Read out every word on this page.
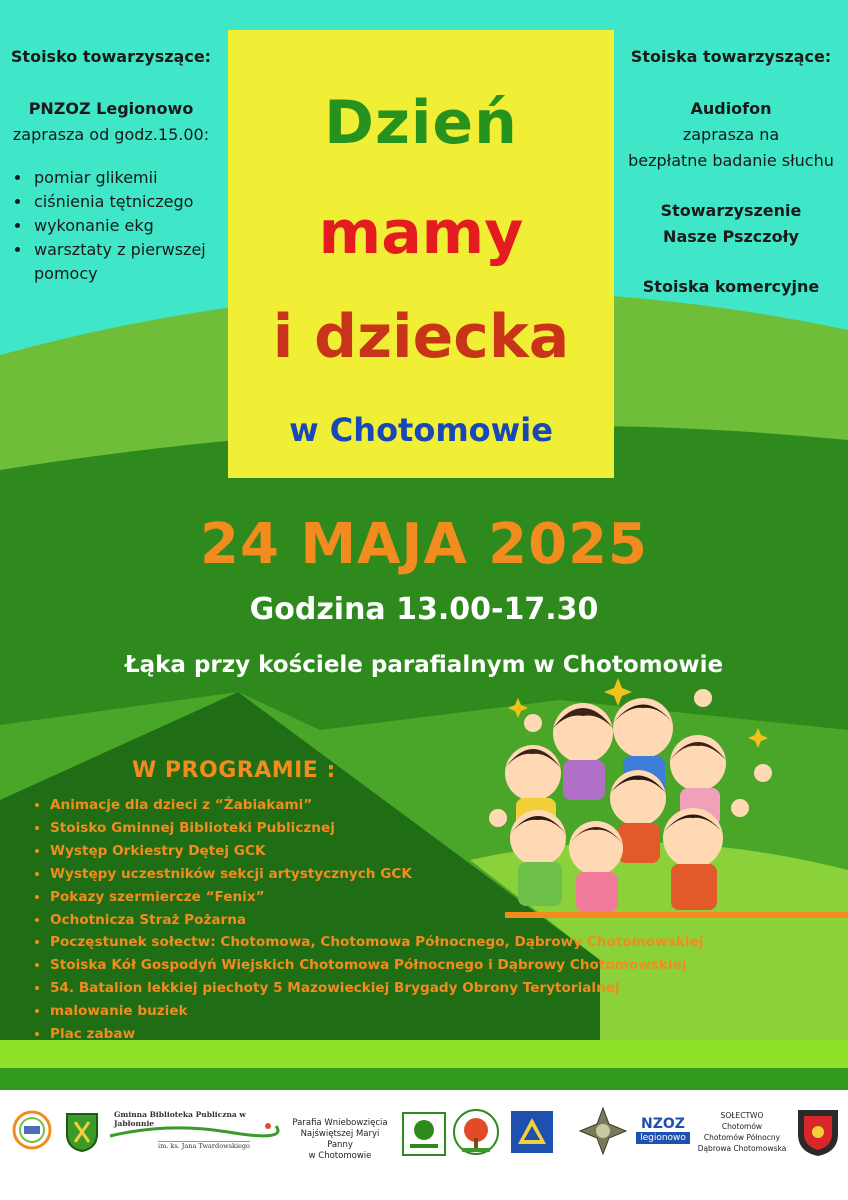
Stoisko towarzyszące:
PNZOZ Legionowo
zaprasza od godz.15.00:
• pomiar glikemii
• ciśnienia tętniczego
• wykonanie ekg
• warsztaty z pierwszej pomocy
Stoiska towarzyszące:
Audiofon
zaprasza na
bezpłatne badanie słuchu
Stowarzyszenie
Nasze Pszczoły
Stoiska komercyjne
Dzień
mamy
i dziecka
w Chotomowie
24 MAJA 2025
Godzina 13.00-17.30
Łąka przy kościele parafialnym w Chotomowie
W PROGRAMIE :
• Animacje dla dzieci z “Żabiakami”
• Stoisko Gminnej Biblioteki Publicznej
• Występ Orkiestry Dętej GCK
• Występy uczestników sekcji artystycznych GCK
• Pokazy szermiercze “Fenix”
• Ochotnicza Straż Pożarna
• Poczęstunek sołectw: Chotomowa, Chotomowa Północnego, Dąbrowy Chotomowskiej
• Stoiska Kół Gospodyń Wiejskich Chotomowa Północnego i Dąbrowy Chotomowskiej
• 54. Batalion lekkiej piechoty 5 Mazowieckiej Brygady Obrony Terytorialnej
• malowanie buziek
• Plac zabaw
Gminna Biblioteka Publiczna w Jabłonnie
im. ks. Jana Twardowskiego
Parafia Wniebowzięcia
Najświętszej Maryi Panny
w Chotomowie
NZOZ
legionowo
SOŁECTWO
Chotomów
Chotomów Północny
Dąbrowa Chotomowska
